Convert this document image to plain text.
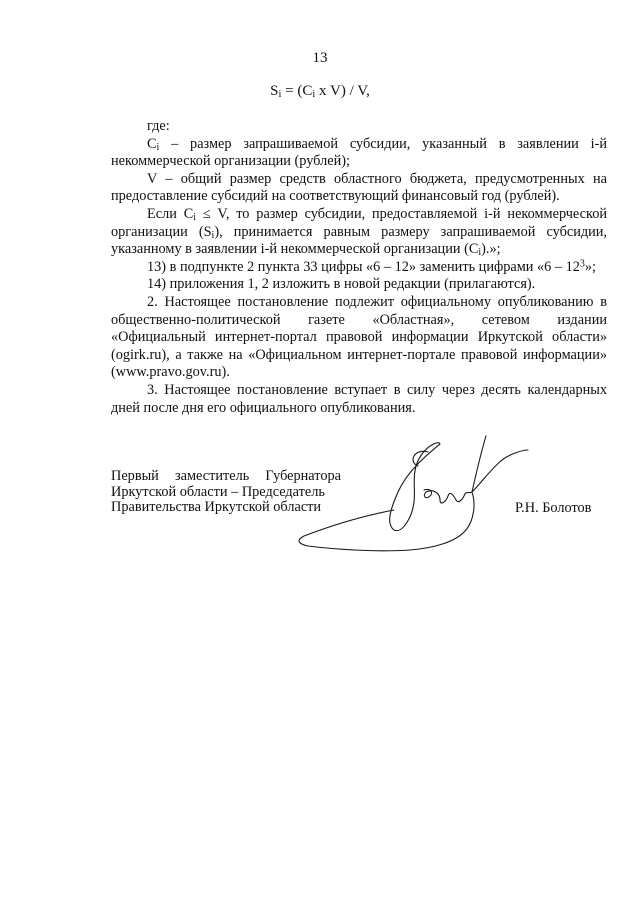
13
$S_i = (C_i$ x V) / V,

где:

$C_i$ – размер запрашиваемой субсидии, указанный в заявлении i-й некоммерческой организации (рублей);

V – общий размер средств областного бюджета, предусмотренных на предоставление субсидий на соответствующий финансовый год (рублей).

Если $C_i \le V$, то размер субсидии, предоставляемой i-й некоммерческой организации $(S_i)$, принимается равным размеру запрашиваемой субсидии, указанному в заявлении i-й некоммерческой организации $(C_i)$.»;

13) в подпункте 2 пункта 33 цифры «6 – 12» заменить цифрами «$6 - 12^3$»;

14) приложения 1, 2 изложить в новой редакции (прилагаются).

2. Настоящее постановление подлежит официальному опубликованию в общественно-политической газете «Областная», сетевом издании «Официальный интернет-портал правовой информации Иркутской области» (ogirk.ru), а также на «Официальном интернет-портале правовой информации» (www.pravo.gov.ru).

3. Настоящее постановление вступает в силу через десять календарных дней после дня его официального опубликования.

Первый заместитель Губернатора
Иркутской области – Председатель
Правительства Иркутской области	Р.Н. Болотов
